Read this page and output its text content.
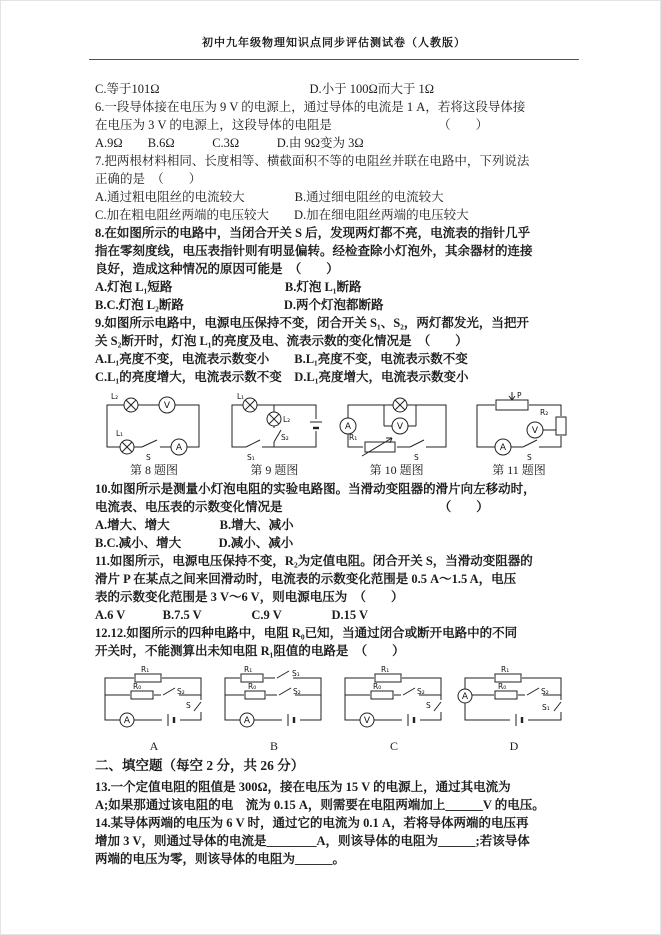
初中九年级物理知识点同步评估测试卷（人教版）
C.等于101Ω　　　　　　　　　　　　D.小于 100Ω而大于 1Ω
6.一段导体接在电压为 9 V 的电源上，通过导体的电流是 1 A，若将这段导体接
在电压为 3 V 的电源上，这段导体的电阻是　　　　　　　　　（　　）
A.9Ω　　B.6Ω　　　C.3Ω　　　D.由 9Ω变为 3Ω
7.把两根材料相同、长度相等、横截面积不等的电阻丝并联在电路中，下列说法
正确的是　（　　）
A.通过粗电阻丝的电流较大　　　　B.通过细电阻丝的电流较大
C.加在粗电阻丝两端的电压较大　　D.加在细电阻丝两端的电压较大
8.在如图所示的电路中，当闭合开关 S 后，发现两灯都不亮，电流表的指针几乎
指在零刻度线，电压表指针则有明显偏转。经检查除小灯泡外，其余器材的连接
良好，造成这种情况的原因可能是　（　　）
A.灯泡 L₁短路　　　　　　　　　B.灯泡 L₁断路
B.C.灯泡 L₂断路　　　　　　　　D.两个灯泡都断路
9.如图所示电路中，电源电压保持不变，闭合开关 S₁、S₂，两灯都发光，当把开
关 S₂断开时，灯泡 L₁的亮度及电、流表示数的变化情况是　（　　）
A.L₁亮度不变，电流表示数变小　　B.L₁亮度不变，电流表示数不变
C.L₁的亮度增大，电流表示数不变　D.L₁亮度增大，电流表示数变小
L₂
V
L₁
S
A
第 8 题图
L₁
L₂
S₂
S₁
第 9 题图
V
A
R₁
S
第 10 题图
P
R₂
V
A
S
第 11 题图
10.如图所示是测量小灯泡电阻的实验电路图。当滑动变阻器的滑片向左移动时，
电流表、电压表的示数变化情况是　　　　　　　　　　　　　（　　）
A.增大、增大　　　　B.增大、减小
B.C.减小、增大　　　D.减小、减小
11.如图所示，电源电压保持不变，R₂为定值电阻。闭合开关 S，当滑动变阻器的
滑片 P 在某点之间来回滑动时，电流表的示数变化范围是 0.5 A～1.5 A，电压
表的示数变化范围是 3 V～6 V，则电源电压为　（　　）
A.6 V　　　B.7.5 V　　　　C.9 V　　　　D.15 V
12.12.如图所示的四种电路中，电阻 R₀已知，当通过闭合或断开电路中的不同
开关时，不能测算出未知电阻 R₁阻值的电路是　（　　）
R₁
R₀
S₂
S
A
A
R₁	S₁
R₀
S₂
A
B
R₁
R₀
S₂
S
V
C
A
R₁
R₀
S₂
S₁
D
二、填空题（每空 2 分，共 26 分）
13.一个定值电阻的阻值是 300Ω，接在电压为 15 V 的电源上，通过其电流为
A;如果那通过该电阻的电　流为 0.15 A，则需要在电阻两端加上______V 的电压。
14.某导体两端的电压为 6 V 时，通过它的电流为 0.1 A，若将导体两端的电压再
增加 3 V，则通过导体的电流是________A，则该导体的电阻为______;若该导体
两端的电压为零，则该导体的电阻为______。
